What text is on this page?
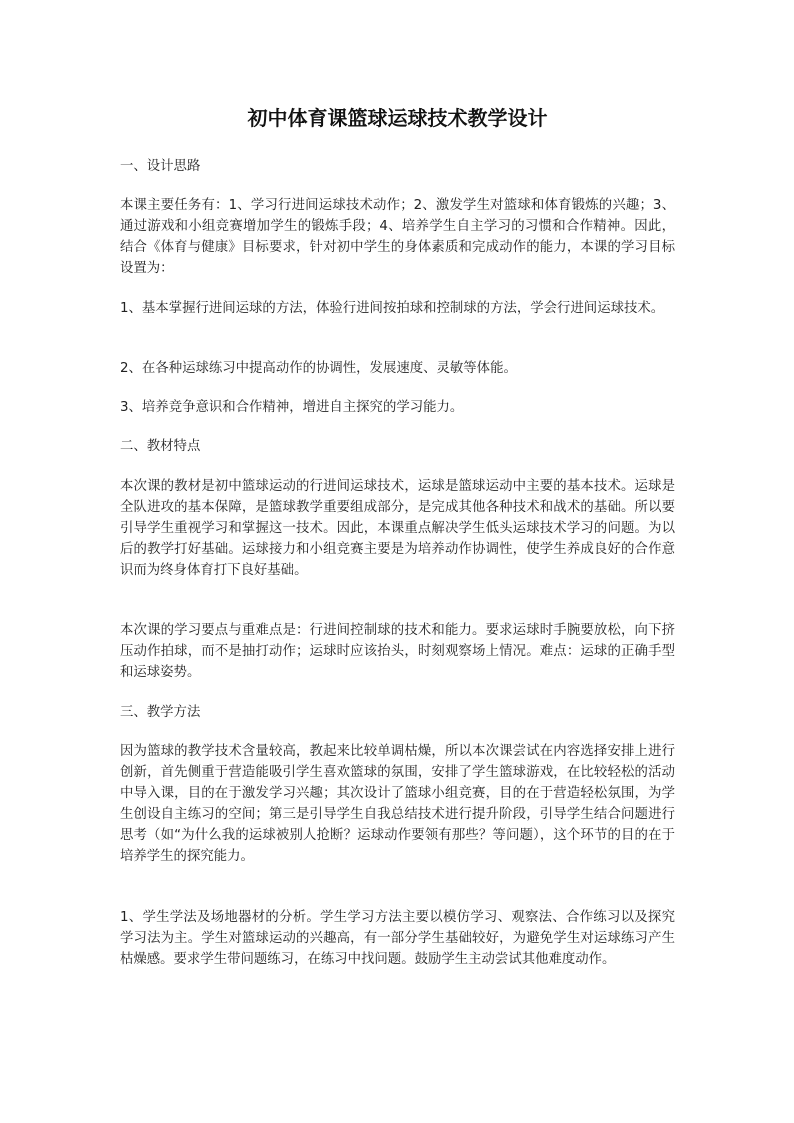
初中体育课篮球运球技术教学设计

一、设计思路

本课主要任务有：1、学习行进间运球技术动作；2、激发学生对篮球和体育锻炼的兴趣；3、通过游戏和小组竞赛增加学生的锻炼手段；4、培养学生自主学习的习惯和合作精神。因此，结合《体育与健康》目标要求，针对初中学生的身体素质和完成动作的能力，本课的学习目标设置为：

1、基本掌握行进间运球的方法，体验行进间按拍球和控制球的方法，学会行进间运球技术。

2、在各种运球练习中提高动作的协调性，发展速度、灵敏等体能。

3、培养竞争意识和合作精神，增进自主探究的学习能力。

二、教材特点

本次课的教材是初中篮球运动的行进间运球技术，运球是篮球运动中主要的基本技术。运球是全队进攻的基本保障，是篮球教学重要组成部分，是完成其他各种技术和战术的基础。所以要引导学生重视学习和掌握这一技术。因此，本课重点解决学生低头运球技术学习的问题。为以后的教学打好基础。运球接力和小组竞赛主要是为培养动作协调性，使学生养成良好的合作意识而为终身体育打下良好基础。

本次课的学习要点与重难点是：行进间控制球的技术和能力。要求运球时手腕要放松，向下挤压动作拍球，而不是抽打动作；运球时应该抬头，时刻观察场上情况。难点：运球的正确手型和运球姿势。

三、教学方法

因为篮球的教学技术含量较高，教起来比较单调枯燥，所以本次课尝试在内容选择安排上进行创新，首先侧重于营造能吸引学生喜欢篮球的氛围，安排了学生篮球游戏，在比较轻松的活动中导入课，目的在于激发学习兴趣；其次设计了篮球小组竞赛，目的在于营造轻松氛围，为学生创设自主练习的空间；第三是引导学生自我总结技术进行提升阶段，引导学生结合问题进行思考（如“为什么我的运球被别人抢断？运球动作要领有那些？等问题），这个环节的目的在于培养学生的探究能力。

1、学生学法及场地器材的分析。学生学习方法主要以模仿学习、观察法、合作练习以及探究学习法为主。学生对篮球运动的兴趣高，有一部分学生基础较好，为避免学生对运球练习产生枯燥感。要求学生带问题练习，在练习中找问题。鼓励学生主动尝试其他难度动作。
